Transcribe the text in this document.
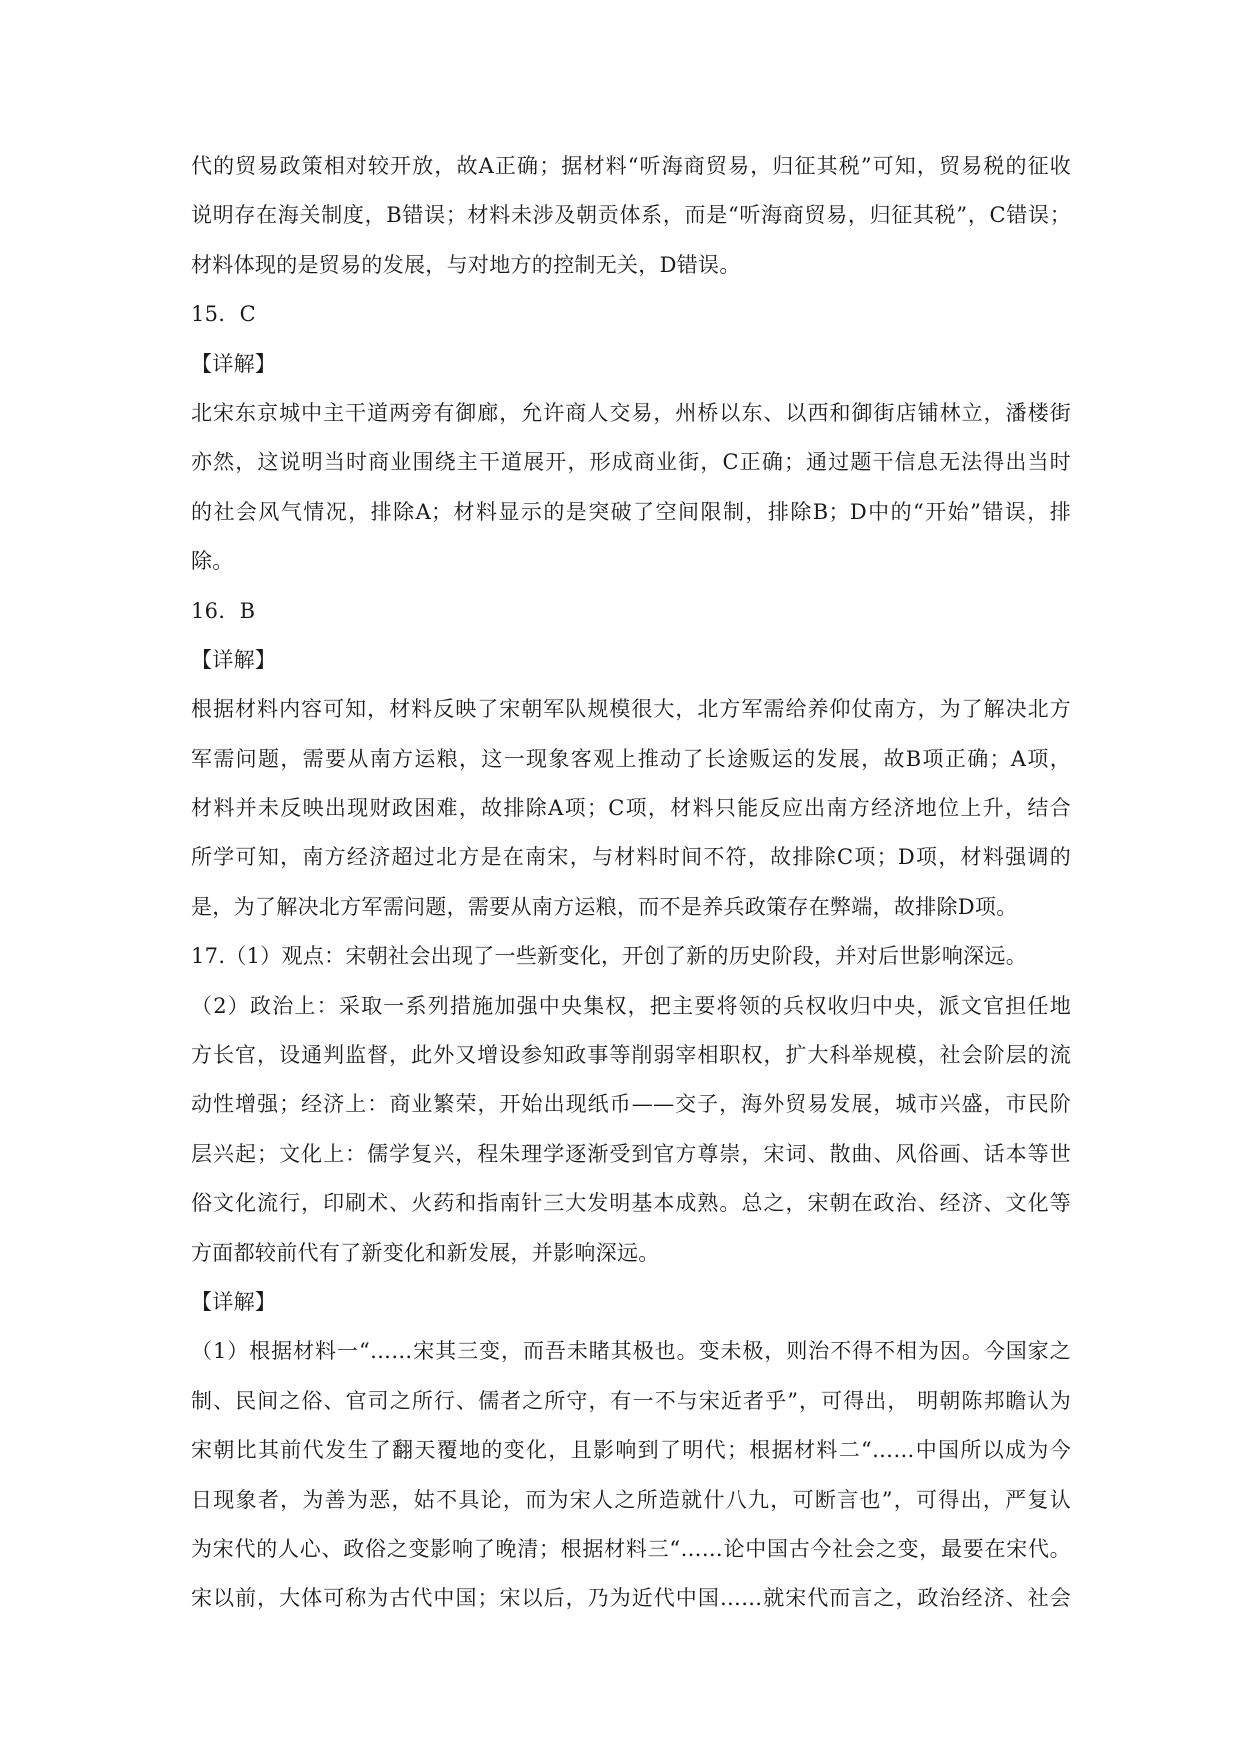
代的贸易政策相对较开放，故A正确；据材料“听海商贸易，归征其税”可知，贸易税的征收
说明存在海关制度，B错误；材料未涉及朝贡体系，而是“听海商贸易，归征其税”，C错误；
材料体现的是贸易的发展，与对地方的控制无关，D错误。
15．C
【详解】
北宋东京城中主干道两旁有御廊，允许商人交易，州桥以东、以西和御街店铺林立，潘楼街
亦然，这说明当时商业围绕主干道展开，形成商业街，C正确；通过题干信息无法得出当时
的社会风气情况，排除A；材料显示的是突破了空间限制，排除B；D中的“开始”错误，排
除。
16．B
【详解】
根据材料内容可知，材料反映了宋朝军队规模很大，北方军需给养仰仗南方，为了解决北方
军需问题，需要从南方运粮，这一现象客观上推动了长途贩运的发展，故B项正确；A项，
材料并未反映出现财政困难，故排除A项；C项，材料只能反应出南方经济地位上升，结合
所学可知，南方经济超过北方是在南宋，与材料时间不符，故排除C项；D项，材料强调的
是，为了解决北方军需问题，需要从南方运粮，而不是养兵政策存在弊端，故排除D项。
17.（1）观点：宋朝社会出现了一些新变化，开创了新的历史阶段，并对后世影响深远。
（2）政治上：采取一系列措施加强中央集权，把主要将领的兵权收归中央，派文官担任地
方长官，设通判监督，此外又增设参知政事等削弱宰相职权，扩大科举规模，社会阶层的流
动性增强；经济上：商业繁荣，开始出现纸币——交子，海外贸易发展，城市兴盛，市民阶
层兴起；文化上：儒学复兴，程朱理学逐渐受到官方尊崇，宋词、散曲、风俗画、话本等世
俗文化流行，印刷术、火药和指南针三大发明基本成熟。总之，宋朝在政治、经济、文化等
方面都较前代有了新变化和新发展，并影响深远。
【详解】
（1）根据材料一“……宋其三变，而吾未睹其极也。变未极，则治不得不相为因。今国家之
制、民间之俗、官司之所行、儒者之所守，有一不与宋近者乎”，可得出， 明朝陈邦瞻认为
宋朝比其前代发生了翻天覆地的变化，且影响到了明代；根据材料二“……中国所以成为今
日现象者，为善为恶，姑不具论，而为宋人之所造就什八九，可断言也”，可得出，严复认
为宋代的人心、政俗之变影响了晚清；根据材料三“……论中国古今社会之变，最要在宋代。
宋以前，大体可称为古代中国；宋以后，乃为近代中国……就宋代而言之，政治经济、社会
